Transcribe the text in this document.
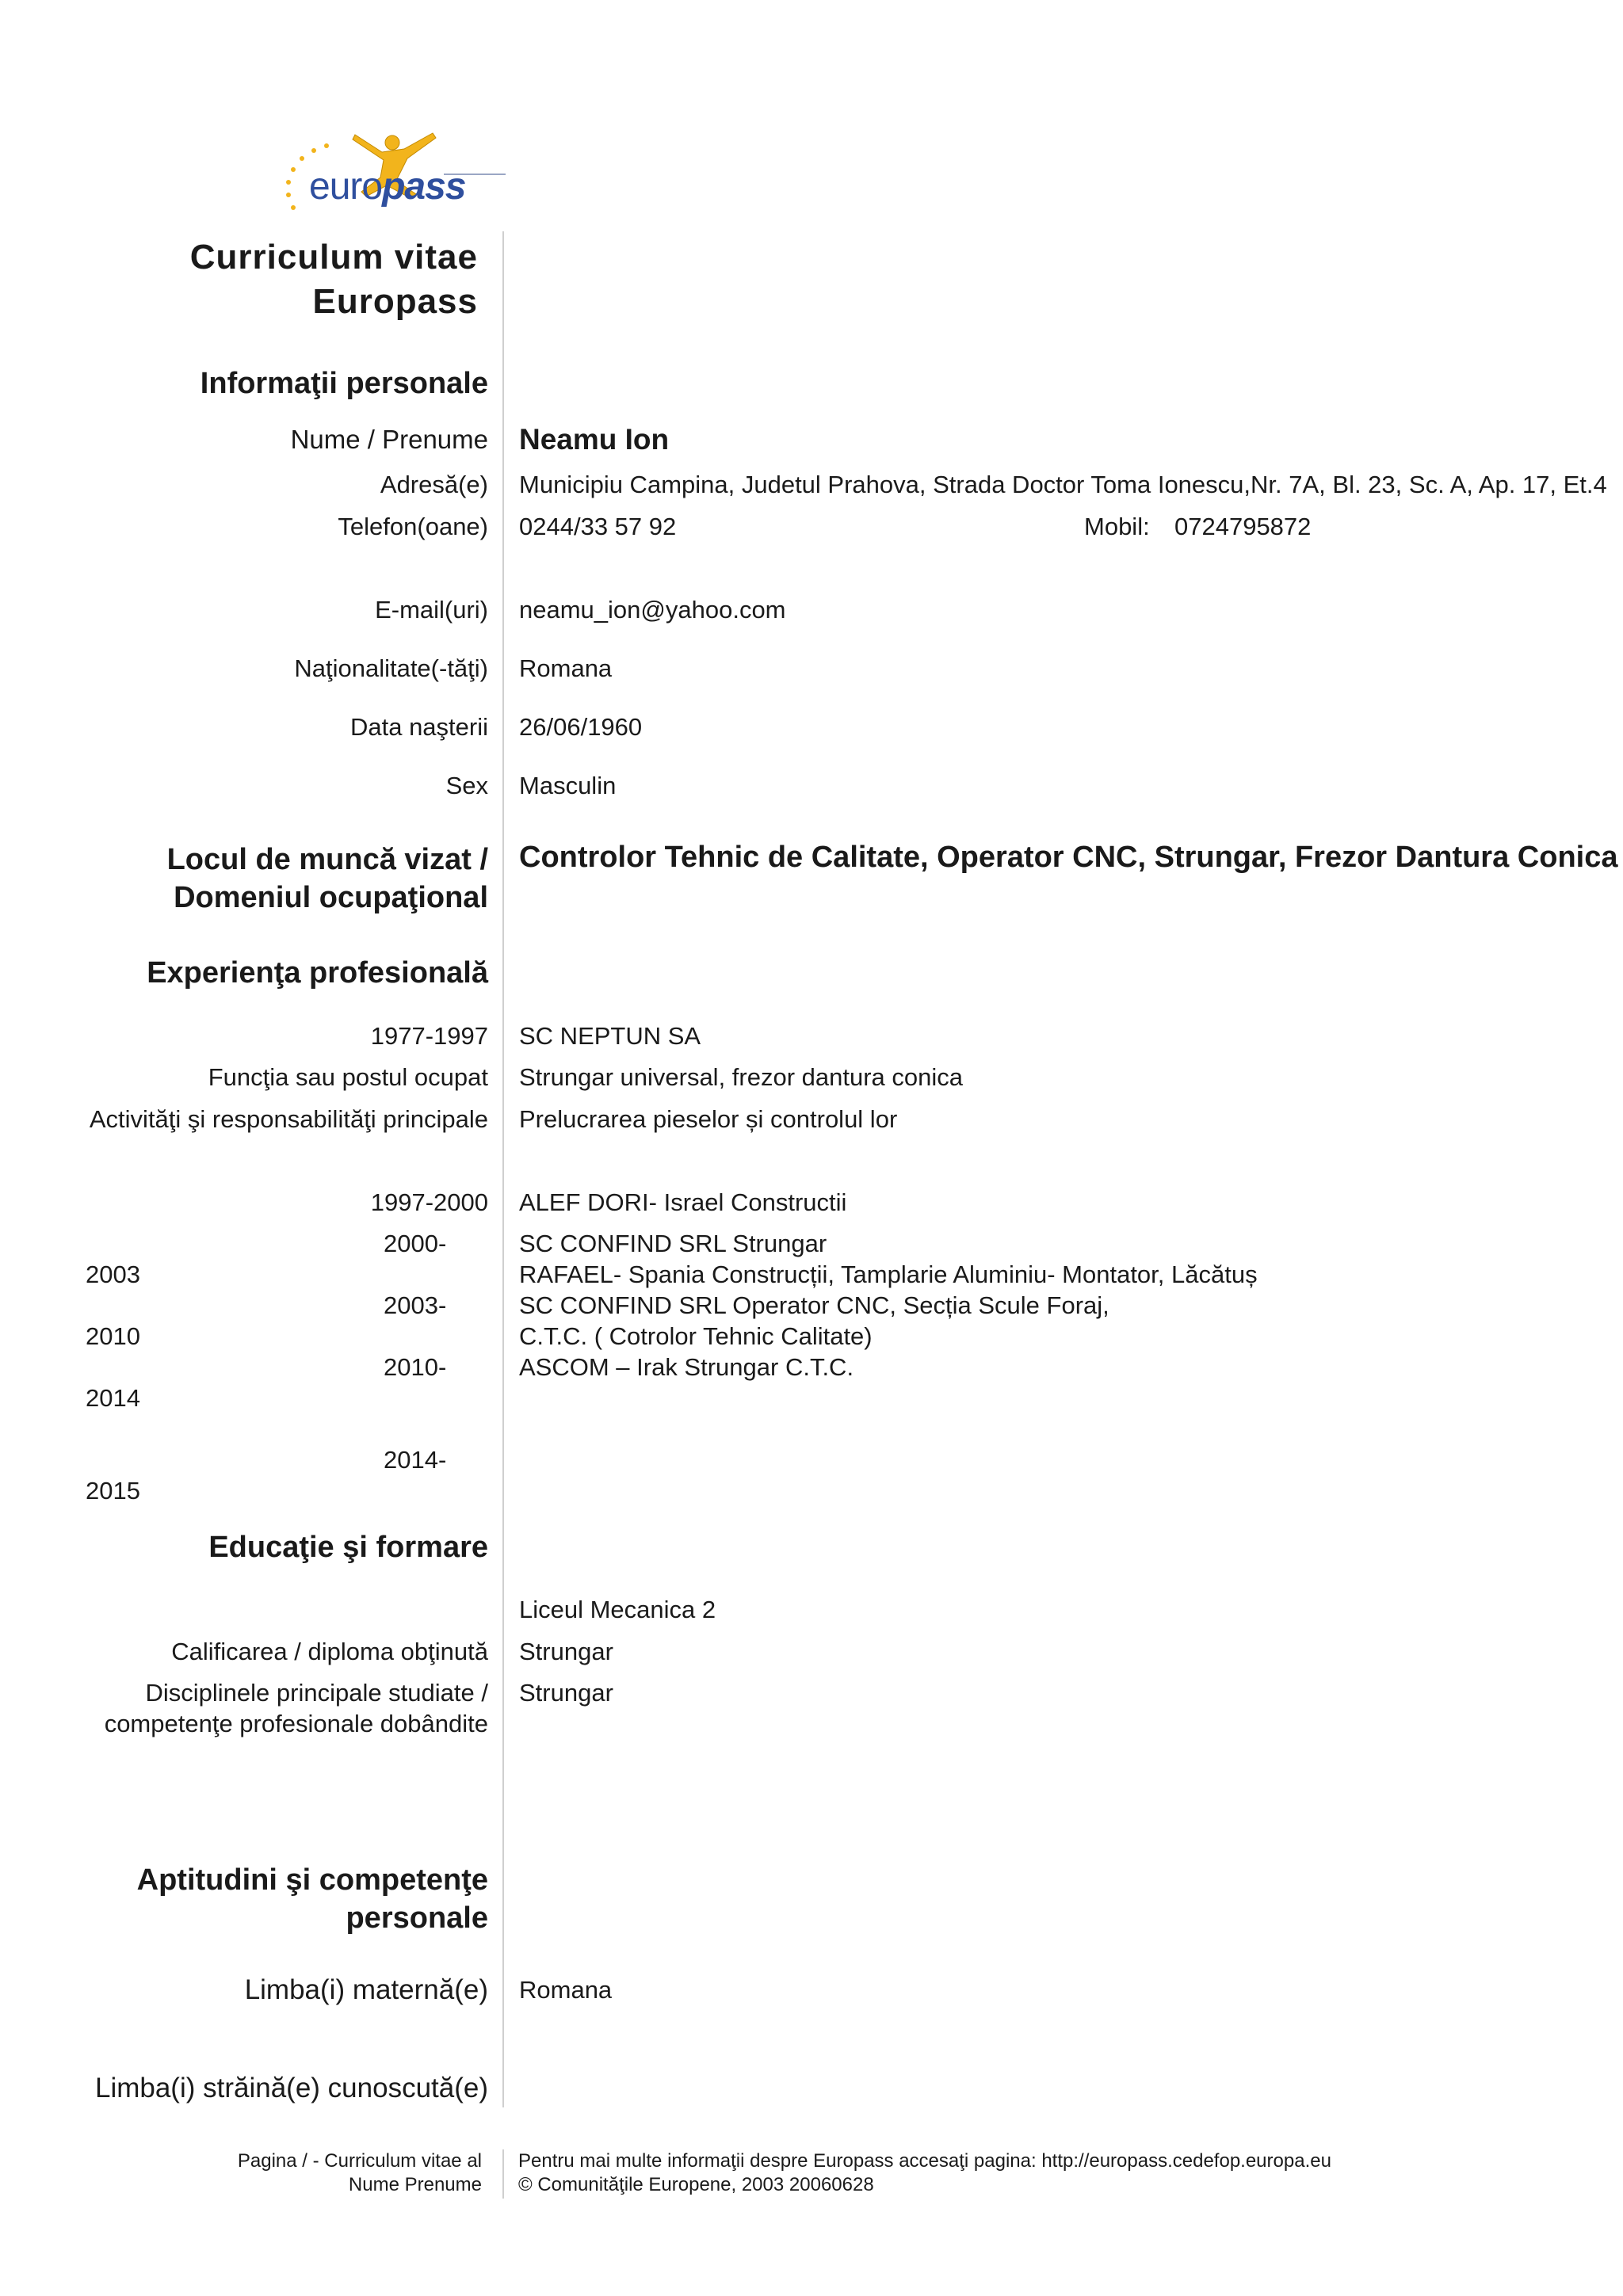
europass
Curriculum vitae
Europass
Informaţii personale
Nume / Prenume Neamu Ion
Adresă(e) Municipiu Campina, Judetul Prahova, Strada Doctor Toma Ionescu,Nr. 7A, Bl. 23, Sc. A, Ap. 17, Et.4
Telefon(oane) 0244/33 57 92	Mobil: 0724795872
E-mail(uri) neamu_ion@yahoo.com
Naţionalitate(-tăţi) Romana
Data naşterii 26/06/1960
Sex Masculin
Locul de muncă vizat /
Domeniul ocupaţional
Controlor Tehnic de Calitate, Operator CNC, Strungar, Frezor Dantura Conica
Experienţa profesională
1977-1997 SC NEPTUN SA
Funcţia sau postul ocupat Strungar universal, frezor dantura conica
Activităţi şi responsabilităţi principale Prelucrarea pieselor și controlul lor
1997-2000 ALEF DORI- Israel Constructii
2000-
2003
SC CONFIND SRL Strungar
RAFAEL- Spania Construcții, Tamplarie Aluminiu- Montator, Lăcătuș
2003-
2010
SC CONFIND SRL Operator CNC, Secția Scule Foraj,
C.T.C. ( Cotrolor Tehnic Calitate)
2010-
2014
ASCOM – Irak Strungar C.T.C.
2014-
2015
Educaţie şi formare
Liceul Mecanica 2
Calificarea / diploma obţinută Strungar
Disciplinele principale studiate /
competenţe profesionale dobândite
Strungar
Aptitudini şi competenţe
personale
Limba(i) maternă(e) Romana
Limba(i) străină(e) cunoscută(e)
Pagina / - Curriculum vitae al
Nume Prenume
Pentru mai multe informaţii despre Europass accesaţi pagina: http://europass.cedefop.europa.eu
© Comunităţile Europene, 2003 20060628
